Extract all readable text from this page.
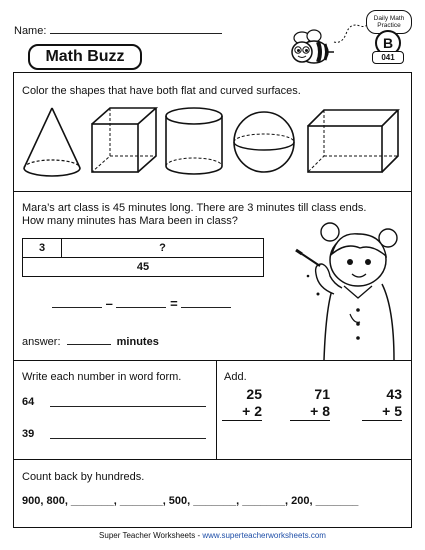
Name:
Math Buzz
Daily Math
Practice
B
041
Color the shapes that have both flat and curved surfaces.
Mara’s art class is 45 minutes long. There are 3 minutes till class ends.
How many minutes has Mara been in class?
3	?
45
–	=
answer:	minutes
Write each number in word form.
64
39
Add.
25
+ 2
71
+ 8
43
+ 5
Count back by hundreds.
900, 800, _______, _______, 500, _______, _______, 200, _______
Super Teacher Worksheets - www.superteacherworksheets.com
